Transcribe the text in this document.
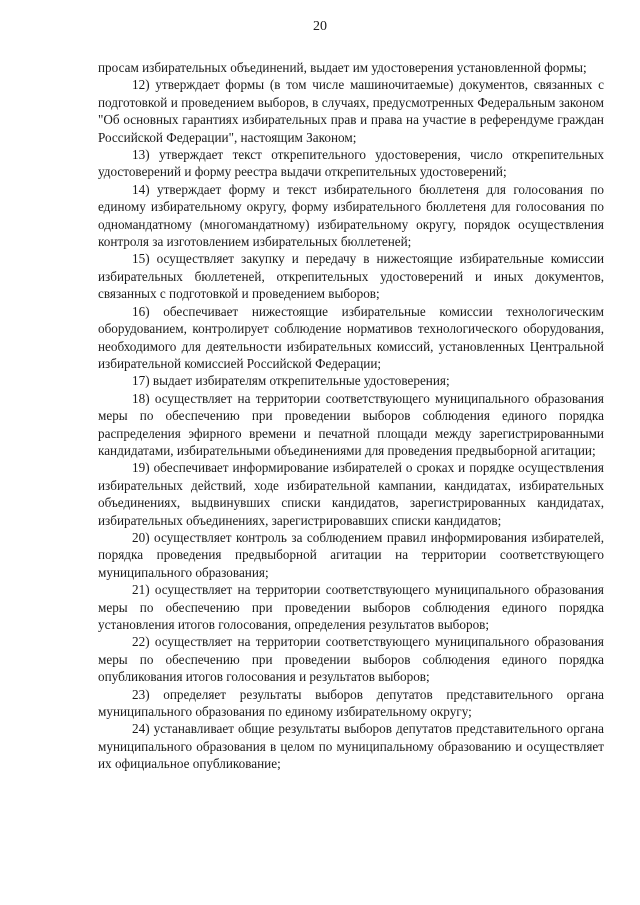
20

просам избирательных объединений, выдает им удостоверения установленной формы;

12) утверждает формы (в том числе машиночитаемые) документов, связанных с подготовкой и проведением выборов, в случаях, предусмотренных Федеральным законом "Об основных гарантиях избирательных прав и права на участие в референдуме граждан Российской Федерации", настоящим Законом;

13) утверждает текст открепительного удостоверения, число открепительных удостоверений и форму реестра выдачи открепительных удостоверений;

14) утверждает форму и текст избирательного бюллетеня для голосования по единому избирательному округу, форму избирательного бюллетеня для голосования по одномандатному (многомандатному) избирательному округу, порядок осуществления контроля за изготовлением избирательных бюллетеней;

15) осуществляет закупку и передачу в нижестоящие избирательные комиссии избирательных бюллетеней, открепительных удостоверений и иных документов, связанных с подготовкой и проведением выборов;

16) обеспечивает нижестоящие избирательные комиссии технологическим оборудованием, контролирует соблюдение нормативов технологического оборудования, необходимого для деятельности избирательных комиссий, установленных Центральной избирательной комиссией Российской Федерации;

17) выдает избирателям открепительные удостоверения;

18) осуществляет на территории соответствующего муниципального образования меры по обеспечению при проведении выборов соблюдения единого порядка распределения эфирного времени и печатной площади между зарегистрированными кандидатами, избирательными объединениями для проведения предвыборной агитации;

19) обеспечивает информирование избирателей о сроках и порядке осуществления избирательных действий, ходе избирательной кампании, кандидатах, избирательных объединениях, выдвинувших списки кандидатов, зарегистрированных кандидатах, избирательных объединениях, зарегистрировавших списки кандидатов;

20) осуществляет контроль за соблюдением правил информирования избирателей, порядка проведения предвыборной агитации на территории соответствующего муниципального образования;

21) осуществляет на территории соответствующего муниципального образования меры по обеспечению при проведении выборов соблюдения единого порядка установления итогов голосования, определения результатов выборов;

22) осуществляет на территории соответствующего муниципального образования меры по обеспечению при проведении выборов соблюдения единого порядка опубликования итогов голосования и результатов выборов;

23) определяет результаты выборов депутатов представительного органа муниципального образования по единому избирательному округу;

24) устанавливает общие результаты выборов депутатов представительного органа муниципального образования в целом по муниципальному образованию и осуществляет их официальное опубликование;
